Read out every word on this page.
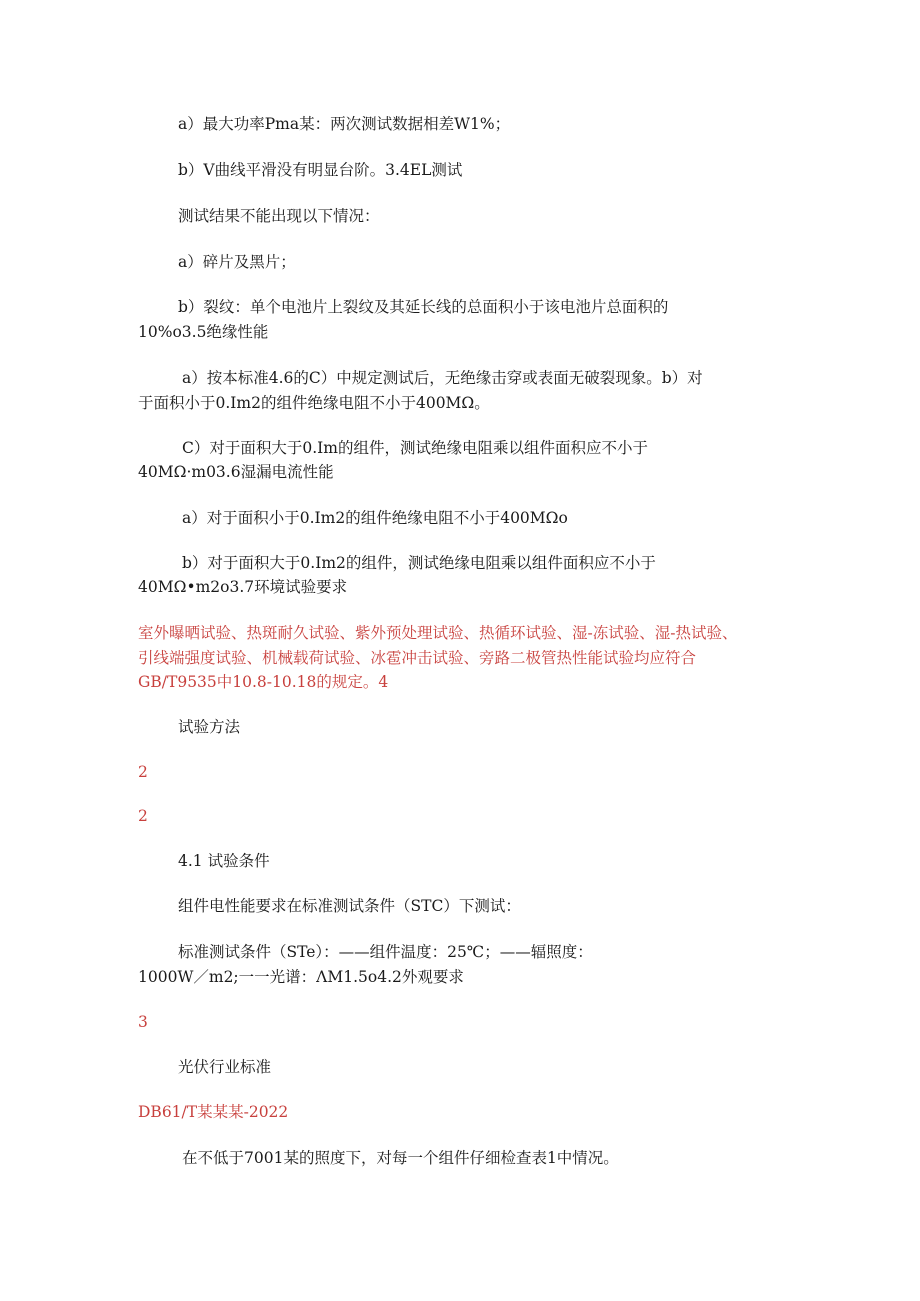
a）最大功率Pma某：两次测试数据相差W1%；
b）V曲线平滑没有明显台阶。3.4EL测试
测试结果不能出现以下情况：
a）碎片及黑片；
b）裂纹：单个电池片上裂纹及其延长线的总面积小于该电池片总面积的
10%o3.5绝缘性能
a）按本标准4.6的C）中规定测试后，无绝缘击穿或表面无破裂现象。b）对
于面积小于0.Im2的组件绝缘电阻不小于400MΩ。
C）对于面积大于0.Im的组件，测试绝缘电阻乘以组件面积应不小于
40MΩ·m03.6湿漏电流性能
a）对于面积小于0.Im2的组件绝缘电阻不小于400MΩo
b）对于面积大于0.Im2的组件，测试绝缘电阻乘以组件面积应不小于
40MΩ•m2o3.7环境试验要求
室外曝晒试验、热斑耐久试验、紫外预处理试验、热循环试验、湿-冻试验、湿-热试验、
引线端强度试验、机械载荷试验、冰雹冲击试验、旁路二极管热性能试验均应符合
GB/T9535中10.8-10.18的规定。4
试验方法
2
2
4.1 试验条件
组件电性能要求在标准测试条件（STC）下测试：
标准测试条件（STe）：——组件温度：25℃；——辐照度：
1000W／m2;一一光谱：ΛM1.5o4.2外观要求
3
光伏行业标准
DB61/T某某某-2022
在不低于7001某的照度下，对每一个组件仔细检查表1中情况。
